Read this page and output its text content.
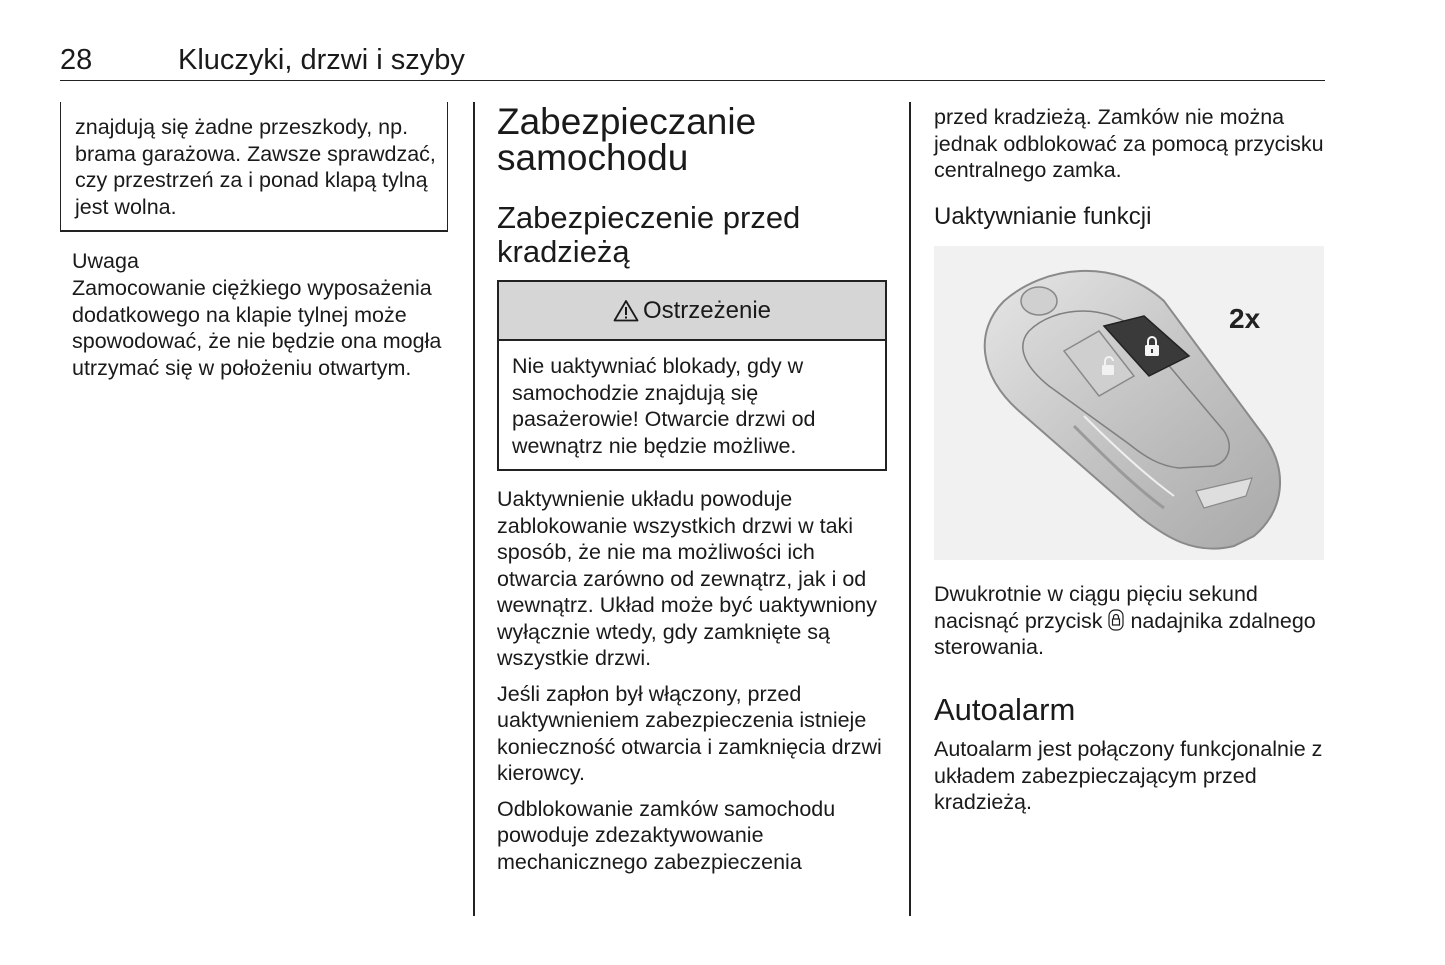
28	Kluczyki, drzwi i szyby
znajdują się żadne przeszkody, np. brama garażowa. Zawsze sprawdzać, czy przestrzeń za i ponad klapą tylną jest wolna.
Uwaga
Zamocowanie ciężkiego wyposażenia dodatkowego na klapie tylnej może spowodować, że nie będzie ona mogła utrzymać się w położeniu otwartym.
Zabezpieczanie samochodu
Zabezpieczenie przed kradzieżą
Ostrzeżenie
Nie uaktywniać blokady, gdy w samochodzie znajdują się pasażerowie! Otwarcie drzwi od wewnątrz nie będzie możliwe.

Uaktywnienie układu powoduje zablokowanie wszystkich drzwi w taki sposób, że nie ma możliwości ich otwarcia zarówno od zewnątrz, jak i od wewnątrz. Układ może być uaktywniony wyłącznie wtedy, gdy zamknięte są wszystkie drzwi.

Jeśli zapłon był włączony, przed uaktywnieniem zabezpieczenia istnieje konieczność otwarcia i zamknięcia drzwi kierowcy.

Odblokowanie zamków samochodu powoduje zdezaktywowanie mechanicznego zabezpieczenia

przed kradzieżą. Zamków nie można jednak odblokować za pomocą przycisku centralnego zamka.
Uaktywnianie funkcji
2x
Dwukrotnie w ciągu pięciu sekund nacisnąć przycisk nadajnika zdalnego sterowania.
Autoalarm
Autoalarm jest połączony funkcjonalnie z układem zabezpieczającym przed kradzieżą.
